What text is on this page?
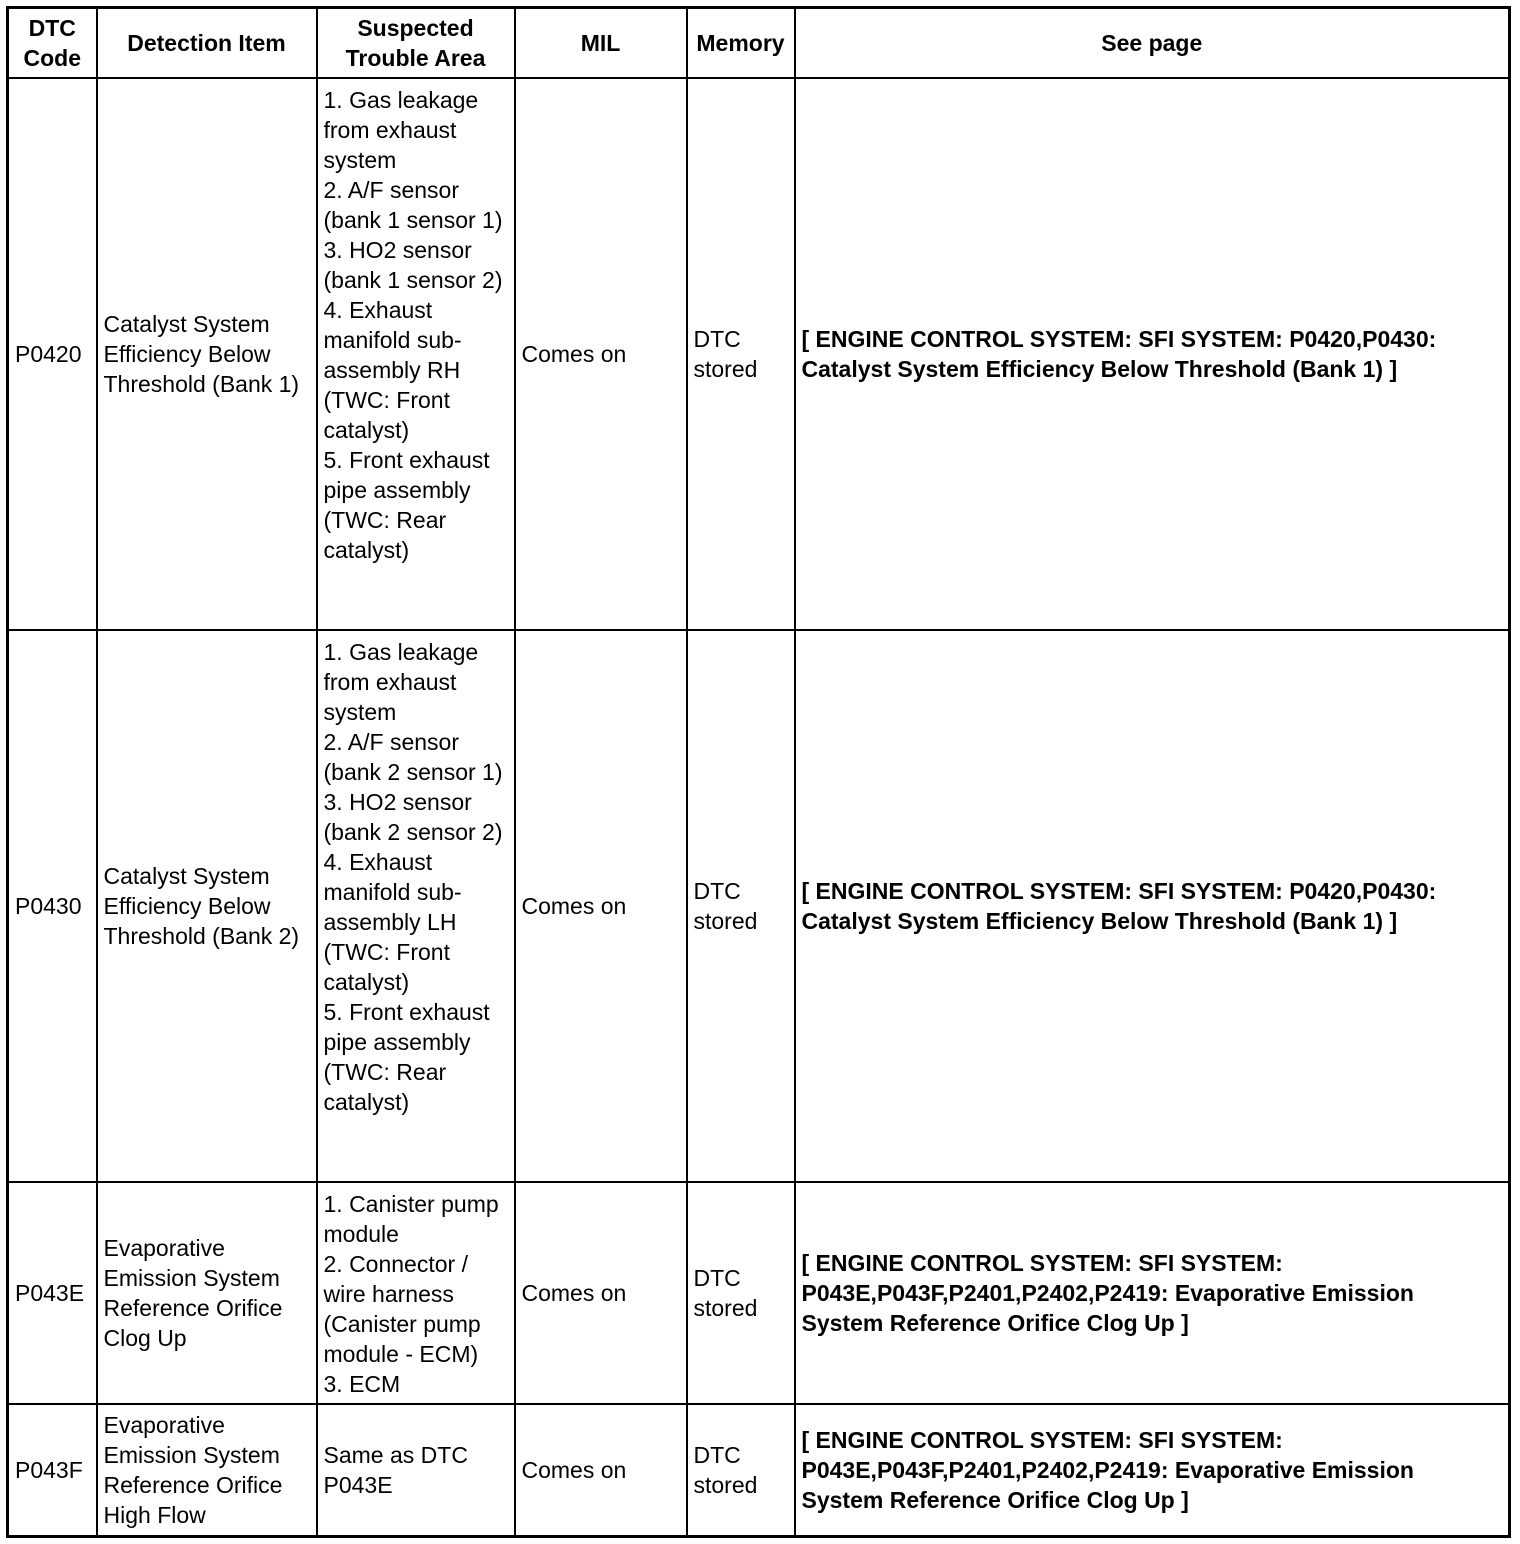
DTC Code	Detection Item	Suspected Trouble Area	MIL	Memory	See page
P0420	Catalyst System Efficiency Below Threshold (Bank 1)	1. Gas leakage from exhaust system
2. A/F sensor (bank 1 sensor 1)
3. HO2 sensor (bank 1 sensor 2)
4. Exhaust manifold sub-assembly RH (TWC: Front catalyst)
5. Front exhaust pipe assembly (TWC: Rear catalyst)	Comes on	DTC stored	[ ENGINE CONTROL SYSTEM: SFI SYSTEM: P0420,P0430: Catalyst System Efficiency Below Threshold (Bank 1) ]
P0430	Catalyst System Efficiency Below Threshold (Bank 2)	1. Gas leakage from exhaust system
2. A/F sensor (bank 2 sensor 1)
3. HO2 sensor (bank 2 sensor 2)
4. Exhaust manifold sub-assembly LH (TWC: Front catalyst)
5. Front exhaust pipe assembly (TWC: Rear catalyst)	Comes on	DTC stored	[ ENGINE CONTROL SYSTEM: SFI SYSTEM: P0420,P0430: Catalyst System Efficiency Below Threshold (Bank 1) ]
P043E	Evaporative Emission System Reference Orifice Clog Up	1. Canister pump module
2. Connector / wire harness (Canister pump module - ECM)
3. ECM	Comes on	DTC stored	[ ENGINE CONTROL SYSTEM: SFI SYSTEM: P043E,P043F,P2401,P2402,P2419: Evaporative Emission System Reference Orifice Clog Up ]
P043F	Evaporative Emission System Reference Orifice High Flow	Same as DTC P043E	Comes on	DTC stored	[ ENGINE CONTROL SYSTEM: SFI SYSTEM: P043E,P043F,P2401,P2402,P2419: Evaporative Emission System Reference Orifice Clog Up ]
